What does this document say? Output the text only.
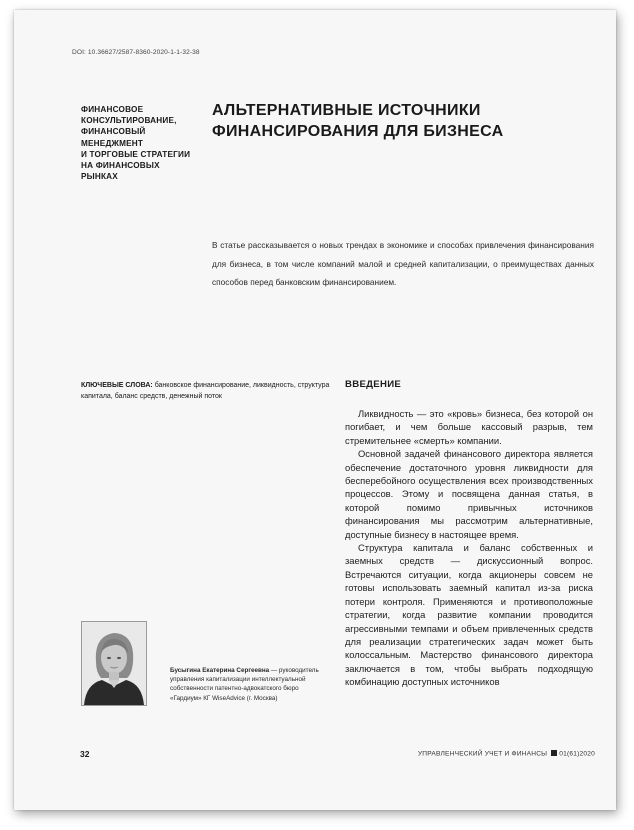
DOI: 10.36627/2587-8360-2020-1-1-32-38
ФИНАНСОВОЕ
КОНСУЛЬТИРОВАНИЕ,
ФИНАНСОВЫЙ
МЕНЕДЖМЕНТ
И ТОРГОВЫЕ СТРАТЕГИИ
НА ФИНАНСОВЫХ
РЫНКАХ
АЛЬТЕРНАТИВНЫЕ ИСТОЧНИКИ
ФИНАНСИРОВАНИЯ ДЛЯ БИЗНЕСА
В статье рассказывается о новых трендах в экономике и способах привлечения финансирования для бизнеса, в том числе компаний малой и средней капитализации, о преимуществах данных способов перед банковским финансированием.
КЛЮЧЕВЫЕ СЛОВА: банковское финансирование, ликвидность, структура капитала, баланс средств, денежный поток
ВВЕДЕНИЕ

Ликвидность — это «кровь» бизнеса, без которой он погибает, и чем больше кассовый разрыв, тем стремительнее «смерть» компании.

Основной задачей финансового директора является обеспечение достаточного уровня ликвидности для бесперебойного осуществления всех производственных процессов. Этому и посвящена данная статья, в которой помимо привычных источников финансирования мы рассмотрим альтернативные, доступные бизнесу в настоящее время.

Структура капитала и баланс собственных и заемных средств — дискуссионный вопрос. Встречаются ситуации, когда акционеры совсем не готовы использовать заемный капитал из-за риска потери контроля. Применяются и противоположные стратегии, когда развитие компании проводится агрессивными темпами и объем привлеченных средств для реализации стратегических задач может быть колоссальным. Мастерство финансового директора заключается в том, чтобы выбрать подходящую комбинацию доступных источников

Бусыгина Екатерина Сергеевна — руководитель управления капитализации интеллектуальной собственности патентно-адвокатского бюро «Гардиум» КГ WiseAdvice (г. Москва)
32	УПРАВЛЕНЧЕСКИЙ УЧЕТ И ФИНАНСЫ 01(61)2020
